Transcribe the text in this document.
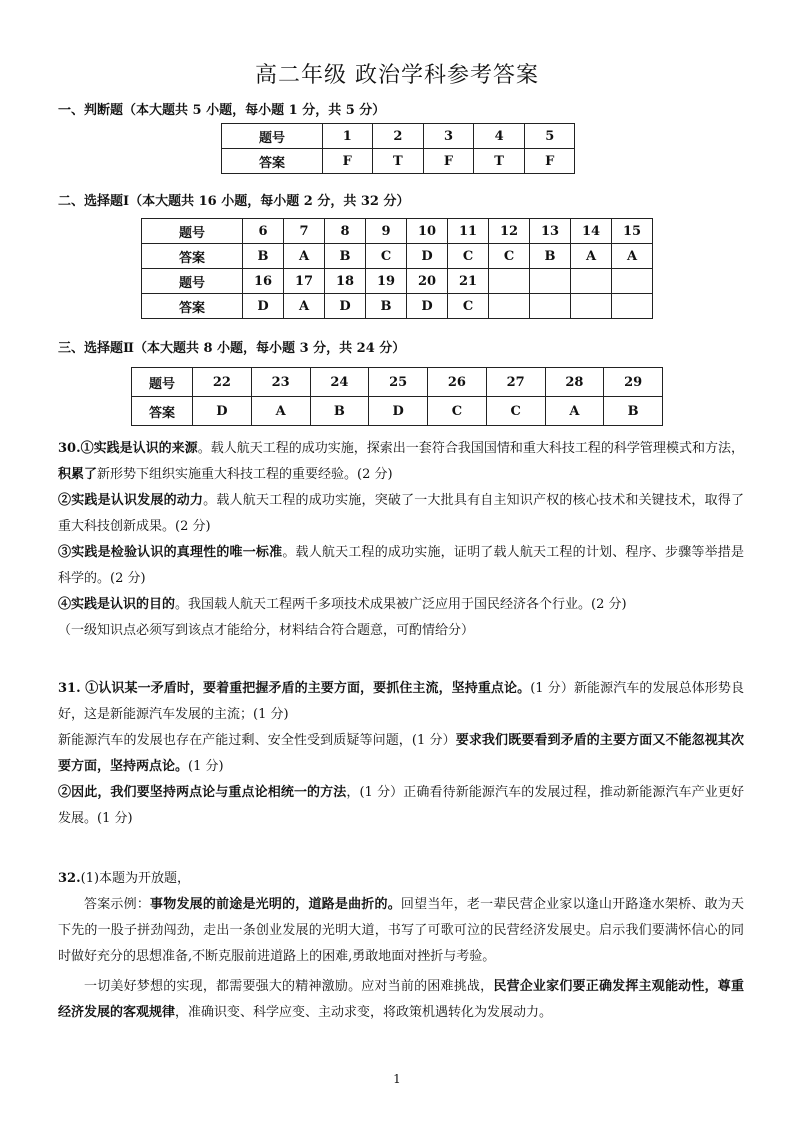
高二年级 政治学科参考答案
一、判断题（本大题共 5 小题，每小题 1 分，共 5 分）
题号	1	2	3	4	5
答案	F	T	F	T	F
二、选择题Ⅰ（本大题共 16 小题，每小题 2 分，共 32 分）
题号	6	7	8	9	10	11	12	13	14	15
答案	B	A	B	C	D	C	C	B	A	A
题号	16	17	18	19	20	21				
答案	D	A	D	B	D	C				
三、选择题Ⅱ（本大题共 8 小题，每小题 3 分，共 24 分）
题号	22	23	24	25	26	27	28	29
答案	D	A	B	D	C	C	A	B
30.①实践是认识的来源。载人航天工程的成功实施，探索出一套符合我国国情和重大科技工程的科学管理模式和方法，积累了新形势下组织实施重大科技工程的重要经验。(2 分)
②实践是认识发展的动力。载人航天工程的成功实施，突破了一大批具有自主知识产权的核心技术和关键技术，取得了重大科技创新成果。(2 分)
③实践是检验认识的真理性的唯一标准。载人航天工程的成功实施，证明了载人航天工程的计划、程序、步骤等举措是科学的。(2 分)
④实践是认识的目的。我国载人航天工程两千多项技术成果被广泛应用于国民经济各个行业。(2 分)
（一级知识点必须写到该点才能给分，材料结合符合题意，可酌情给分）
31. ①认识某一矛盾时，要着重把握矛盾的主要方面，要抓住主流，坚持重点论。(1 分）新能源汽车的发展总体形势良好，这是新能源汽车发展的主流；(1 分)
新能源汽车的发展也存在产能过剩、安全性受到质疑等问题，(1 分）要求我们既要看到矛盾的主要方面又不能忽视其次要方面，坚持两点论。(1 分)
②因此，我们要坚持两点论与重点论相统一的方法，(1 分）正确看待新能源汽车的发展过程，推动新能源汽车产业更好发展。(1 分)
32.(1)本题为开放题，
答案示例：事物发展的前途是光明的，道路是曲折的。回望当年，老一辈民营企业家以逢山开路逢水架桥、敢为天下先的一股子拼劲闯劲，走出一条创业发展的光明大道，书写了可歌可泣的民营经济发展史。启示我们要满怀信心的同时做好充分的思想准备,不断克服前进道路上的困难,勇敢地面对挫折与考验。
一切美好梦想的实现，都需要强大的精神激励。应对当前的困难挑战，民营企业家们要正确发挥主观能动性，尊重经济发展的客观规律，准确识变、科学应变、主动求变，将政策机遇转化为发展动力。
1
